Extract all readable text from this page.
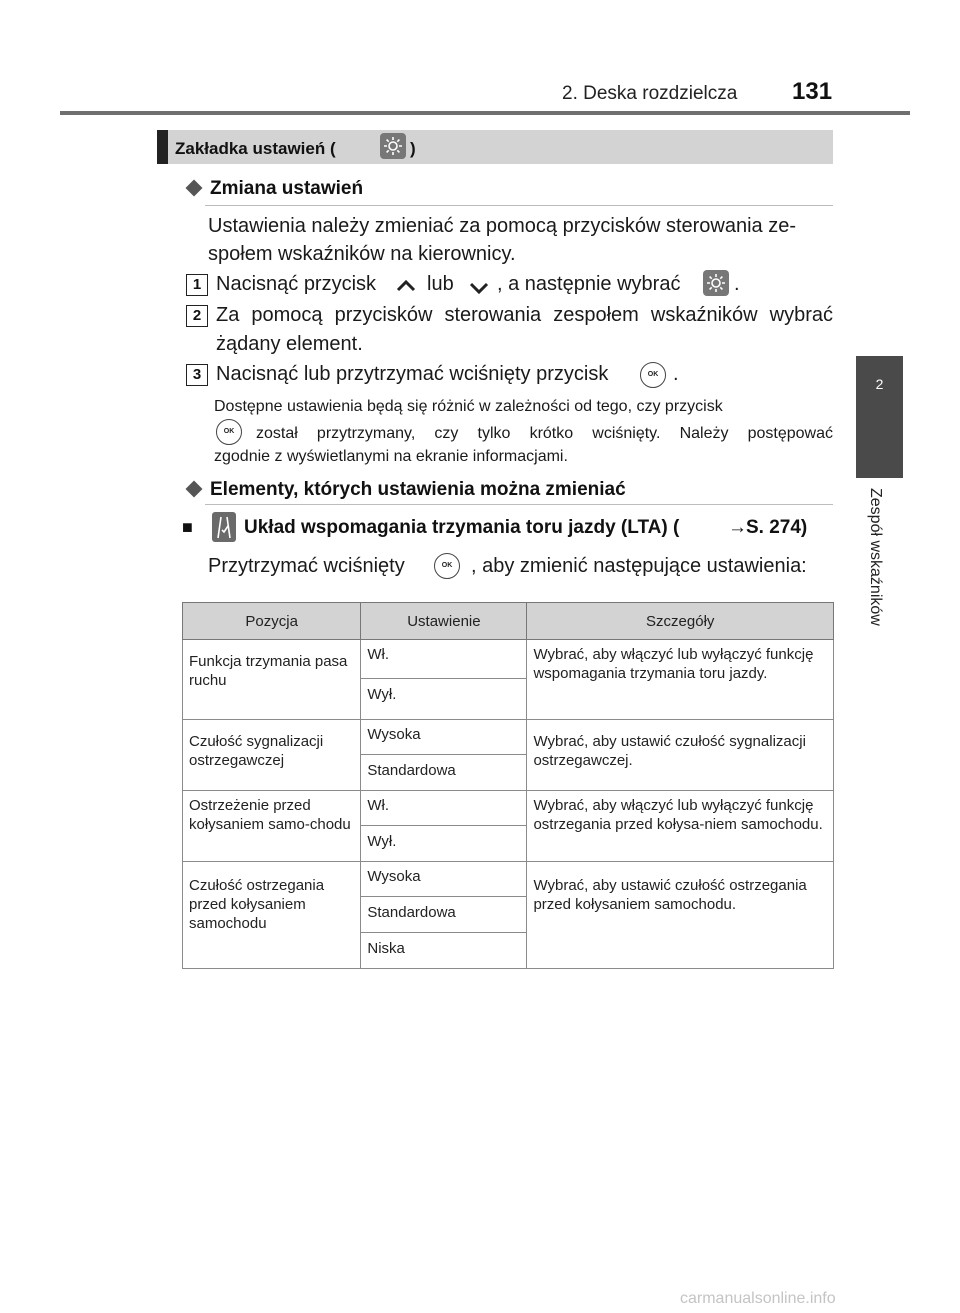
2. Deska rozdzielcza 131
2
Zespół wskaźników
Zakładka ustawień (	)
Zmiana ustawień
Ustawienia należy zmieniać za pomocą przycisków sterowania ze-
społem wskaźników na kierownicy.
1 Nacisnąć przycisk	lub , a następnie wybrać	.
2 Za pomocą przycisków sterowania zespołem wskaźników wybrać
żądany element.
3 Nacisnąć lub przytrzymać wciśnięty przycisk	OK .
Dostępne ustawienia będą się różnić w zależności od tego, czy przycisk
OK	został przytrzymany, czy tylko krótko wciśnięty. Należy postępować
zgodnie z wyświetlanymi na ekranie informacjami.
Elementy, których ustawienia można zmieniać
■	Układ wspomagania trzymania toru jazdy (LTA) (	→ S. 274)
Przytrzymać wciśnięty	OK , aby zmienić następujące ustawienia:
Pozycja	Ustawienie	Szczegóły
Funkcja trzymania pasa ruchu	Wł.	Wybrać, aby włączyć lub wyłączyć funkcję wspomagania trzymania toru jazdy.
	Wył.	
Czułość sygnalizacji ostrzegawczej	Wysoka	Wybrać, aby ustawić czułość sygnalizacji ostrzegawczej.
	Standardowa	
Ostrzeżenie przed kołysaniem samo-chodu	Wł.	Wybrać, aby włączyć lub wyłączyć funkcję ostrzegania przed kołysa-niem samochodu.
	Wył.	
Czułość ostrzegania przed kołysaniem samochodu	Wysoka	Wybrać, aby ustawić czułość ostrzegania przed kołysaniem samochodu.
	Standardowa	
	Niska	
carmanualsonline.info
